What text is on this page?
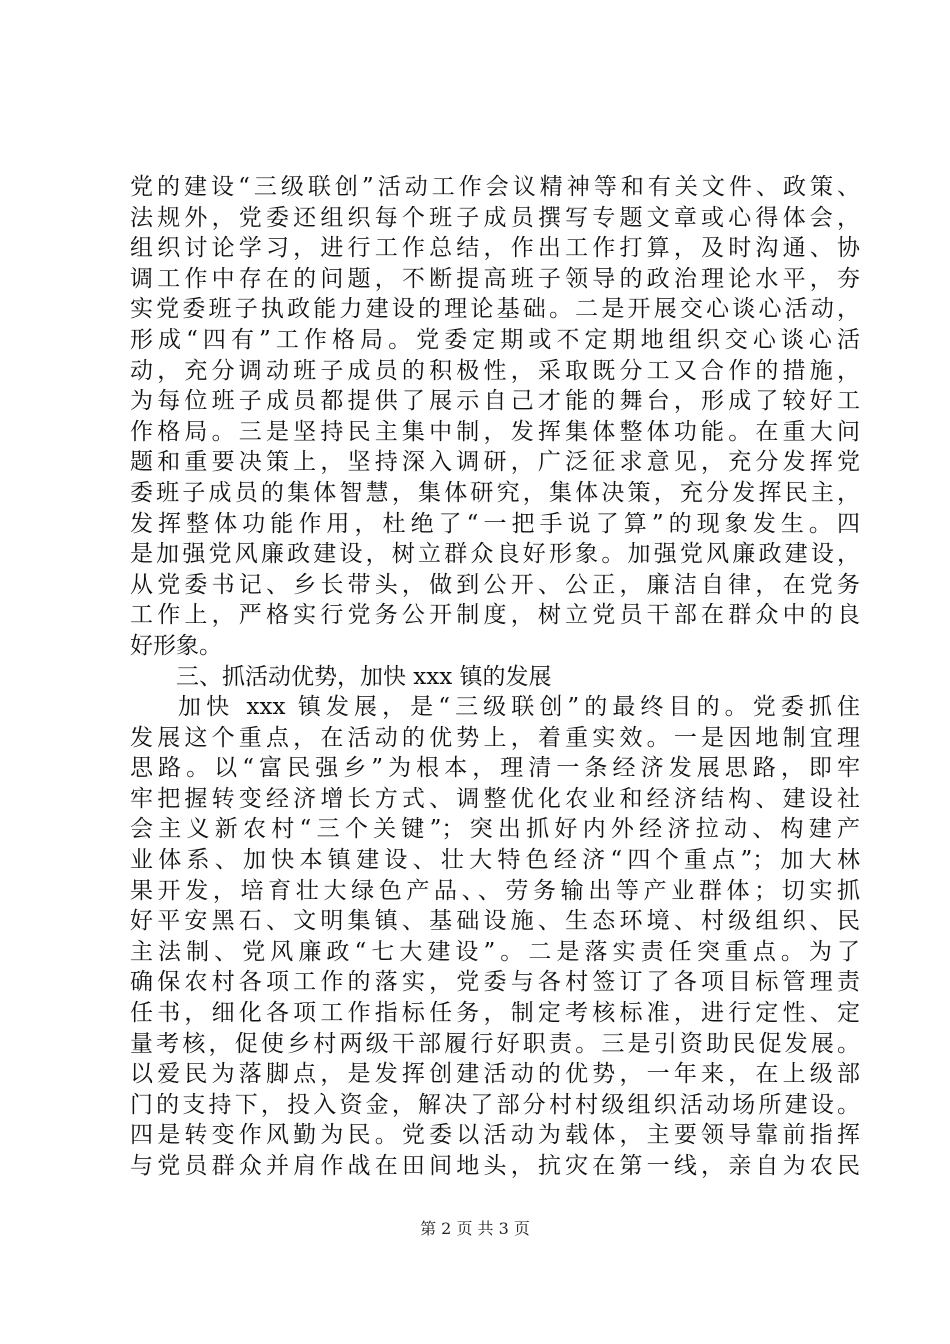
党的建设“三级联创”活动工作会议精神等和有关文件、政策、
法规外，党委还组织每个班子成员撰写专题文章或心得体会，
组织讨论学习，进行工作总结，作出工作打算，及时沟通、协
调工作中存在的问题，不断提高班子领导的政治理论水平，夯
实党委班子执政能力建设的理论基础。二是开展交心谈心活动，
形成“四有”工作格局。党委定期或不定期地组织交心谈心活
动，充分调动班子成员的积极性，采取既分工又合作的措施，
为每位班子成员都提供了展示自己才能的舞台，形成了较好工
作格局。三是坚持民主集中制，发挥集体整体功能。在重大问
题和重要决策上，坚持深入调研，广泛征求意见，充分发挥党
委班子成员的集体智慧，集体研究，集体决策，充分发挥民主，
发挥整体功能作用，杜绝了“一把手说了算”的现象发生。四
是加强党风廉政建设，树立群众良好形象。加强党风廉政建设，
从党委书记、乡长带头，做到公开、公正，廉洁自律，在党务
工作上，严格实行党务公开制度，树立党员干部在群众中的良
好形象。
三、抓活动优势，加快 xxx 镇的发展
加快 xxx 镇发展，是“三级联创”的最终目的。党委抓住
发展这个重点，在活动的优势上，着重实效。一是因地制宜理
思路。以“富民强乡”为根本，理清一条经济发展思路，即牢
牢把握转变经济增长方式、调整优化农业和经济结构、建设社
会主义新农村“三个关键”；突出抓好内外经济拉动、构建产
业体系、加快本镇建设、壮大特色经济“四个重点”；加大林
果开发，培育壮大绿色产品、、劳务输出等产业群体；切实抓
好平安黑石、文明集镇、基础设施、生态环境、村级组织、民
主法制、党风廉政“七大建设”。二是落实责任突重点。为了
确保农村各项工作的落实，党委与各村签订了各项目标管理责
任书，细化各项工作指标任务，制定考核标准，进行定性、定
量考核，促使乡村两级干部履行好职责。三是引资助民促发展。
以爱民为落脚点，是发挥创建活动的优势，一年来，在上级部
门的支持下，投入资金，解决了部分村村级组织活动场所建设。
四是转变作风勤为民。党委以活动为载体，主要领导靠前指挥
与党员群众并肩作战在田间地头，抗灾在第一线，亲自为农民
第 2 页 共 3 页
